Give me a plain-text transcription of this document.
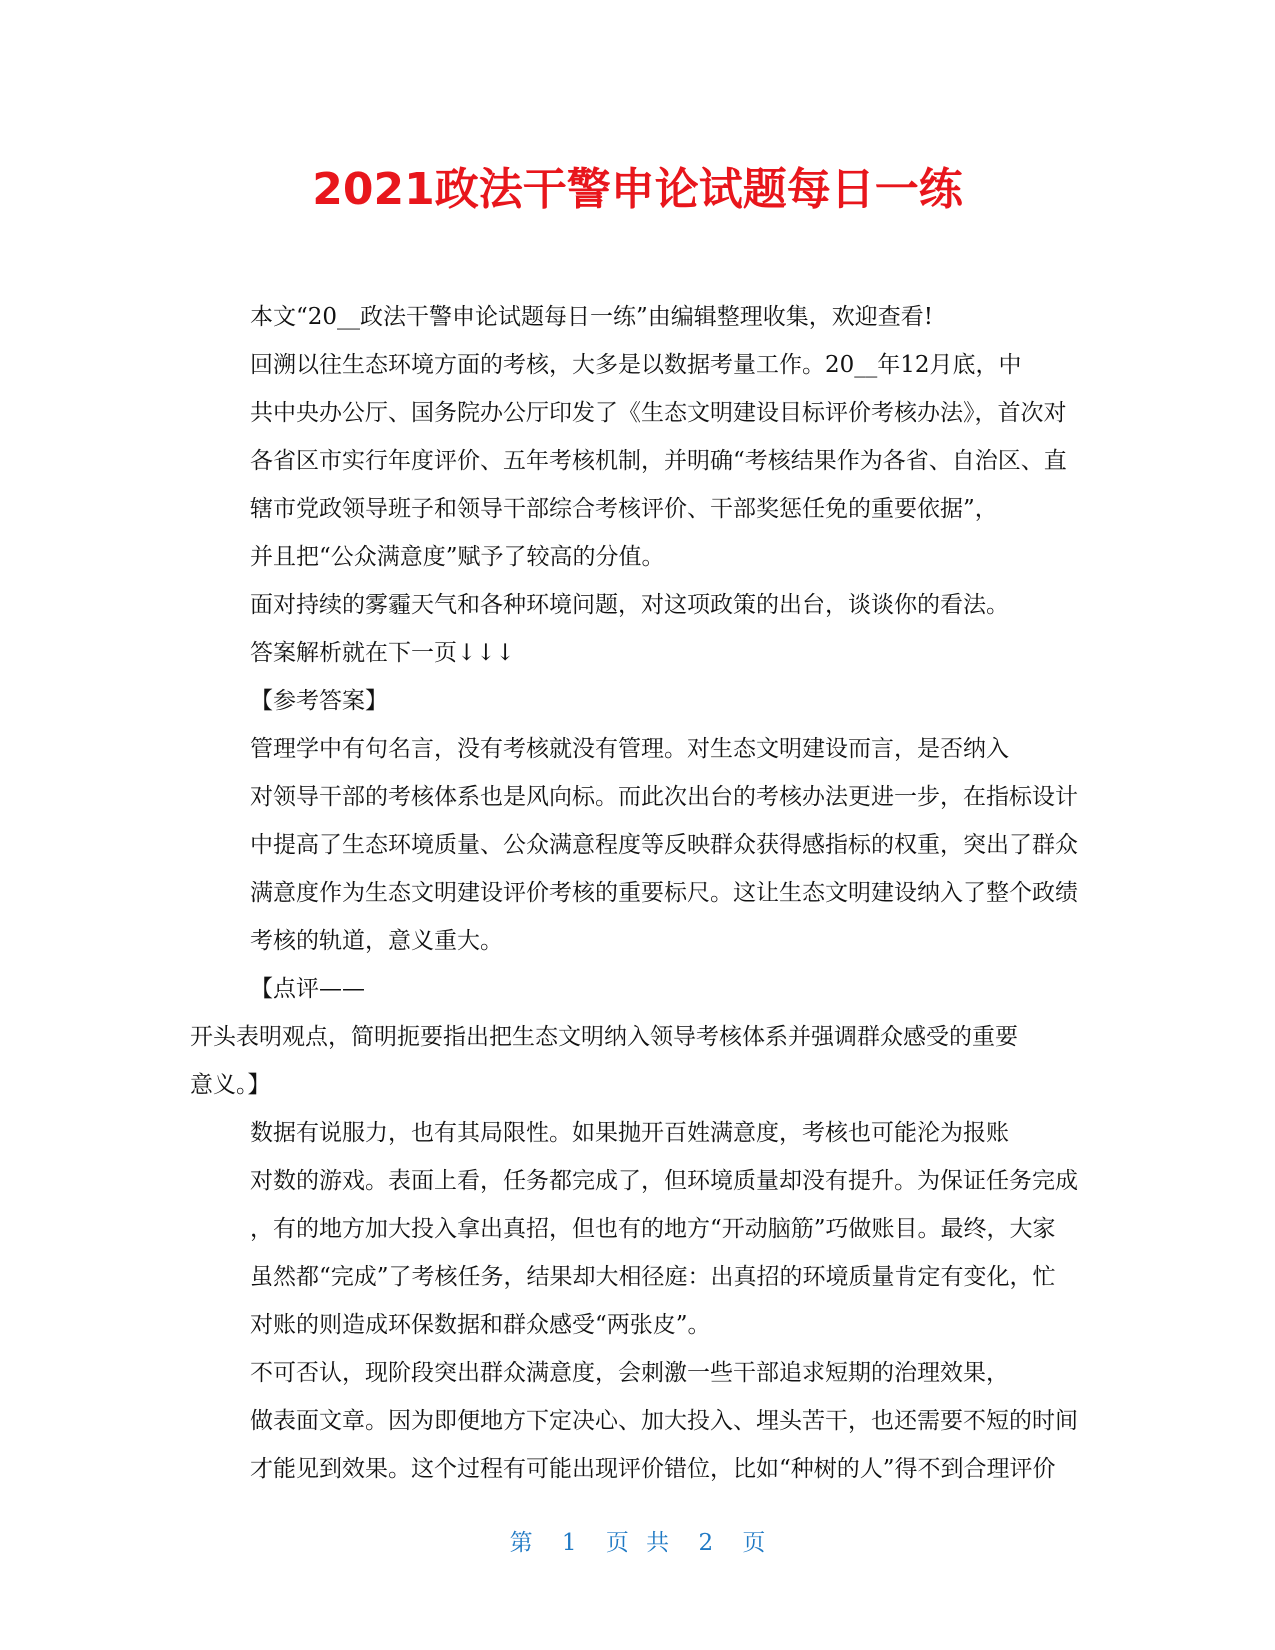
2021政法干警申论试题每日一练

本文“20__政法干警申论试题每日一练”由编辑整理收集，欢迎查看!

回溯以往生态环境方面的考核，大多是以数据考量工作。20__年12月底，中
共中央办公厅、国务院办公厅印发了《生态文明建设目标评价考核办法》，首次对
各省区市实行年度评价、五年考核机制，并明确“考核结果作为各省、自治区、直
辖市党政领导班子和领导干部综合考核评价、干部奖惩任免的重要依据”，
并且把“公众满意度”赋予了较高的分值。

面对持续的雾霾天气和各种环境问题，对这项政策的出台，谈谈你的看法。

答案解析就在下一页↓↓↓

【参考答案】

管理学中有句名言，没有考核就没有管理。对生态文明建设而言，是否纳入
对领导干部的考核体系也是风向标。而此次出台的考核办法更进一步，在指标设计
中提高了生态环境质量、公众满意程度等反映群众获得感指标的权重，突出了群众
满意度作为生态文明建设评价考核的重要标尺。这让生态文明建设纳入了整个政绩
考核的轨道，意义重大。

【点评——

开头表明观点，简明扼要指出把生态文明纳入领导考核体系并强调群众感受的重要
意义。】

数据有说服力，也有其局限性。如果抛开百姓满意度，考核也可能沦为报账
对数的游戏。表面上看，任务都完成了，但环境质量却没有提升。为保证任务完成
，有的地方加大投入拿出真招，但也有的地方“开动脑筋”巧做账目。最终，大家
虽然都“完成”了考核任务，结果却大相径庭：出真招的环境质量肯定有变化，忙
对账的则造成环保数据和群众感受“两张皮”。

不可否认，现阶段突出群众满意度，会刺激一些干部追求短期的治理效果，
做表面文章。因为即便地方下定决心、加大投入、埋头苦干，也还需要不短的时间
才能见到效果。这个过程有可能出现评价错位，比如“种树的人”得不到合理评价

第 1 页 共 2 页
